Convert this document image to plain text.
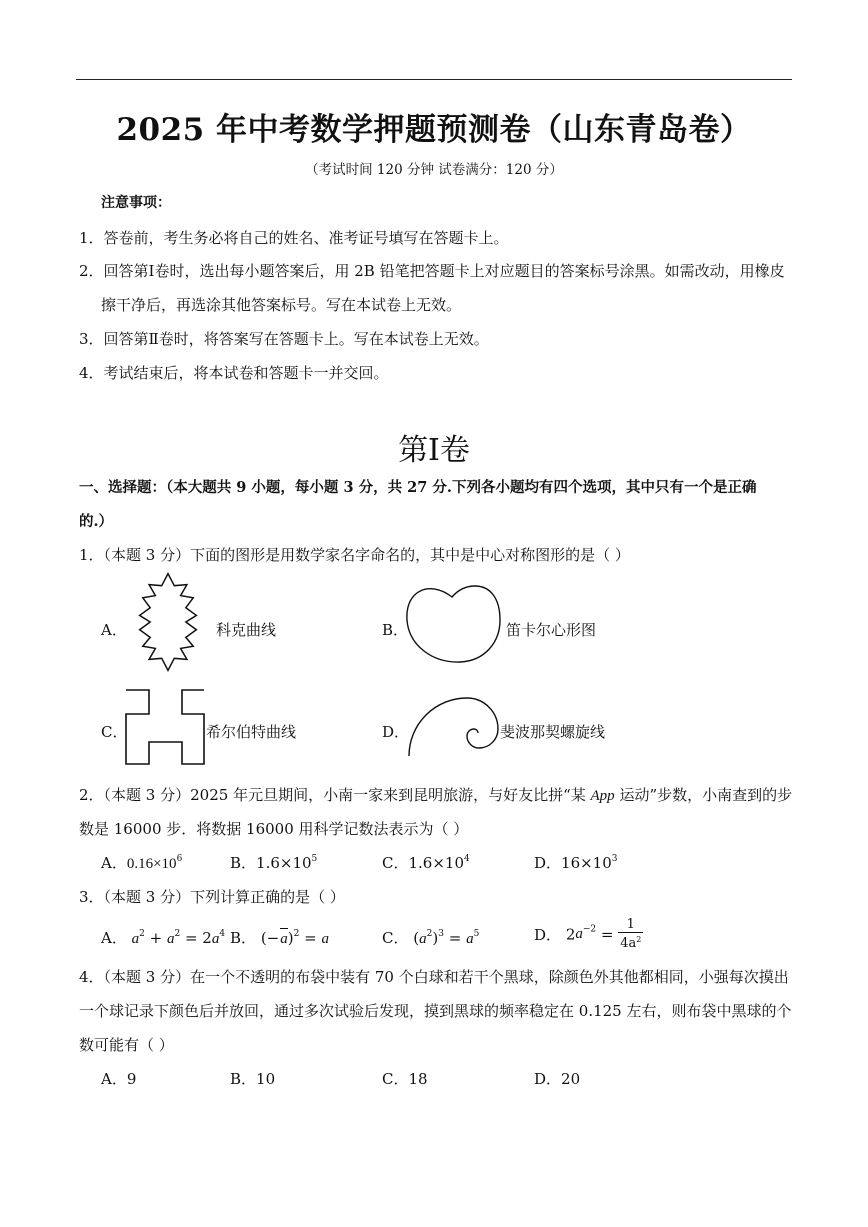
2025 年中考数学押题预测卷（山东青岛卷）
（考试时间 120 分钟 试卷满分：120 分）
注意事项：
1．答卷前，考生务必将自己的姓名、准考证号填写在答题卡上。
2．回答第Ⅰ卷时，选出每小题答案后，用 2B 铅笔把答题卡上对应题目的答案标号涂黑。如需改动，用橡皮
擦干净后，再选涂其他答案标号。写在本试卷上无效。
3．回答第Ⅱ卷时，将答案写在答题卡上。写在本试卷上无效。
4．考试结束后，将本试卷和答题卡一并交回。
第Ⅰ卷
一、选择题：（本大题共 9 小题，每小题 3 分，共 27 分.下列各小题均有四个选项，其中只有一个是正确
的.）
1．（本题 3 分）下面的图形是用数学家名字命名的，其中是中心对称图形的是（ ）
A．	科克曲线	B．	笛卡尔心形图
C．	希尔伯特曲线	D．	斐波那契螺旋线
2．（本题 3 分）2025 年元旦期间，小南一家来到昆明旅游，与好友比拼“某 App 运动”步数，小南查到的步
数是 16000 步．将数据 16000 用科学记数法表示为（ ）
A．$0.16\times 10^6$	B．$1.6\times 10^5$	C．$1.6\times 10^4$	D．$16\times 10^3$
3．（本题 3 分）下列计算正确的是（ ）
A． $a^2 + a^2 = 2a^4$ B． $(-a)^2 = a$	C． $(a^2)^3 = a^5$	D． $2a^{-2} = \frac{1}{4a^2}$
4．（本题 3 分）在一个不透明的布袋中装有 70 个白球和若干个黑球，除颜色外其他都相同，小强每次摸出
一个球记录下颜色后并放回，通过多次试验后发现，摸到黑球的频率稳定在 0.125 左右，则布袋中黑球的个
数可能有（ ）
A．9	B．10	C．18	D．20
